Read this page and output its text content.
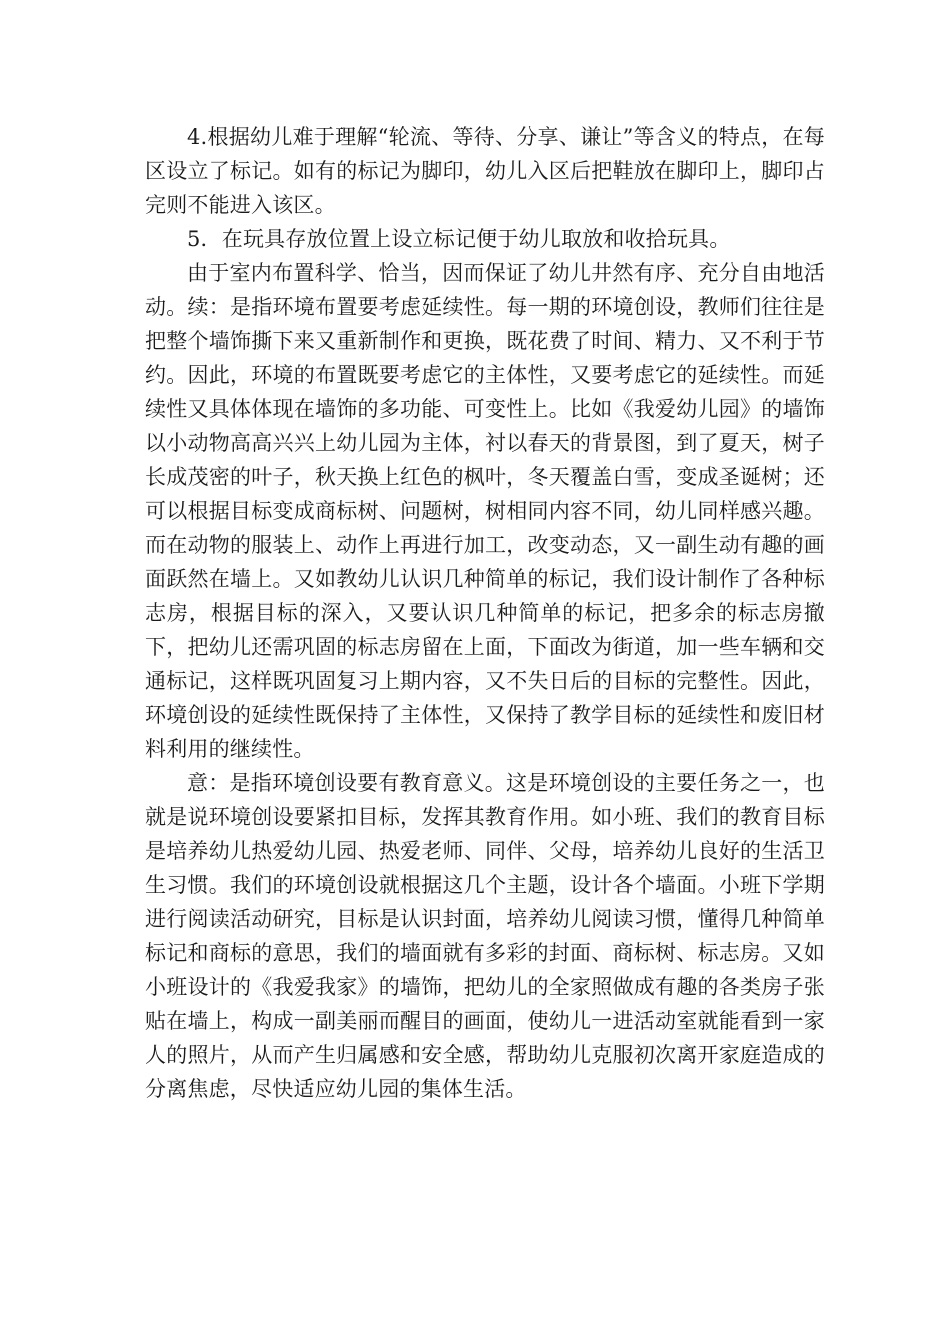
4.根据幼儿难于理解“轮流、等待、分享、谦让”等含义的特点，在每区设立了标记。如有的标记为脚印，幼儿入区后把鞋放在脚印上，脚印占完则不能进入该区。

5．在玩具存放位置上设立标记便于幼儿取放和收拾玩具。

由于室内布置科学、恰当，因而保证了幼儿井然有序、充分自由地活动。续：是指环境布置要考虑延续性。每一期的环境创设，教师们往往是把整个墙饰撕下来又重新制作和更换，既花费了时间、精力、又不利于节约。因此，环境的布置既要考虑它的主体性，又要考虑它的延续性。而延续性又具体体现在墙饰的多功能、可变性上。比如《我爱幼儿园》的墙饰以小动物高高兴兴上幼儿园为主体，衬以春天的背景图，到了夏天，树子长成茂密的叶子，秋天换上红色的枫叶，冬天覆盖白雪，变成圣诞树；还可以根据目标变成商标树、问题树，树相同内容不同，幼儿同样感兴趣。而在动物的服装上、动作上再进行加工，改变动态，又一副生动有趣的画面跃然在墙上。又如教幼儿认识几种简单的标记，我们设计制作了各种标志房，根据目标的深入，又要认识几种简单的标记，把多余的标志房撤下，把幼儿还需巩固的标志房留在上面，下面改为街道，加一些车辆和交通标记，这样既巩固复习上期内容，又不失日后的目标的完整性。因此，环境创设的延续性既保持了主体性，又保持了教学目标的延续性和废旧材料利用的继续性。

意：是指环境创设要有教育意义。这是环境创设的主要任务之一，也就是说环境创设要紧扣目标，发挥其教育作用。如小班、我们的教育目标是培养幼儿热爱幼儿园、热爱老师、同伴、父母，培养幼儿良好的生活卫生习惯。我们的环境创设就根据这几个主题，设计各个墙面。小班下学期进行阅读活动研究，目标是认识封面，培养幼儿阅读习惯，懂得几种简单标记和商标的意思，我们的墙面就有多彩的封面、商标树、标志房。又如小班设计的《我爱我家》的墙饰，把幼儿的全家照做成有趣的各类房子张贴在墙上，构成一副美丽而醒目的画面，使幼儿一进活动室就能看到一家人的照片，从而产生归属感和安全感，帮助幼儿克服初次离开家庭造成的分离焦虑，尽快适应幼儿园的集体生活。
